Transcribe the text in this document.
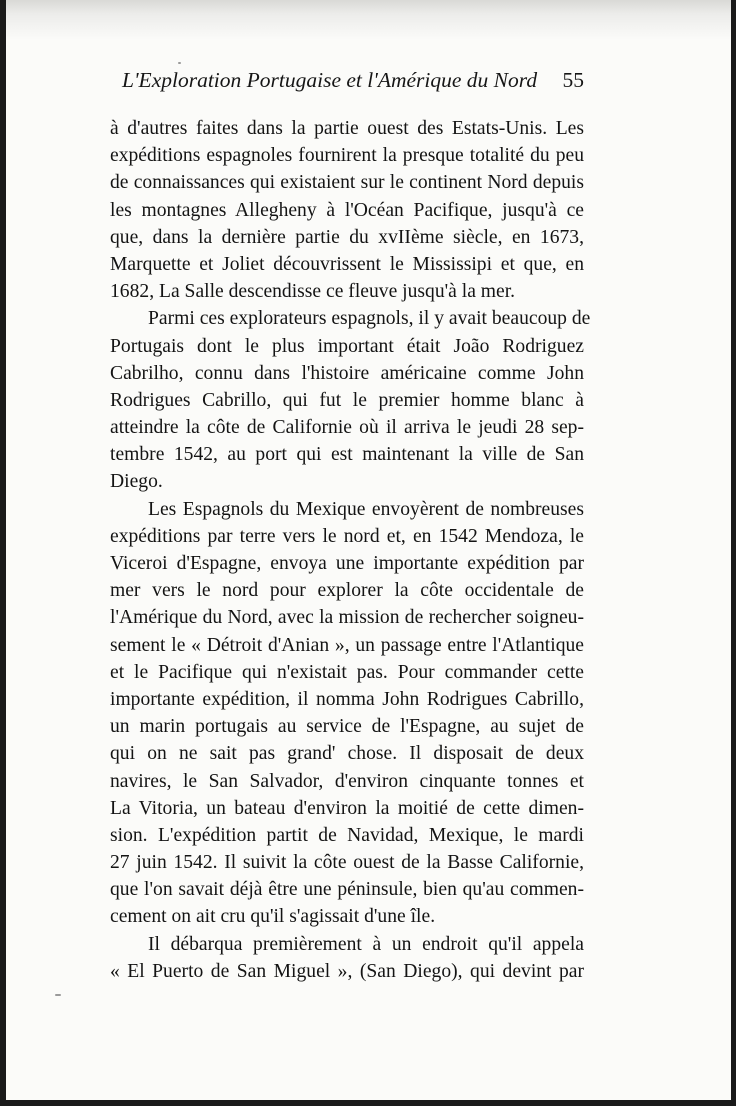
L'Exploration Portugaise et l'Amérique du Nord 55
à d'autres faites dans la partie ouest des Estats-Unis. Les
expéditions espagnoles fournirent la presque totalité du peu
de connaissances qui existaient sur le continent Nord depuis
les montagnes Allegheny à l'Océan Pacifique, jusqu'à ce
que, dans la dernière partie du xvIIème siècle, en 1673,
Marquette et Joliet découvrissent le Mississipi et que, en
1682, La Salle descendisse ce fleuve jusqu'à la mer.
Parmi ces explorateurs espagnols, il y avait beaucoup de
Portugais dont le plus important était João Rodriguez
Cabrilho, connu dans l'histoire américaine comme John
Rodrigues Cabrillo, qui fut le premier homme blanc à
atteindre la côte de Californie où il arriva le jeudi 28 sep-
tembre 1542, au port qui est maintenant la ville de San
Diego.
Les Espagnols du Mexique envoyèrent de nombreuses
expéditions par terre vers le nord et, en 1542 Mendoza, le
Viceroi d'Espagne, envoya une importante expédition par
mer vers le nord pour explorer la côte occidentale de
l'Amérique du Nord, avec la mission de rechercher soigneu-
sement le « Détroit d'Anian », un passage entre l'Atlantique
et le Pacifique qui n'existait pas. Pour commander cette
importante expédition, il nomma John Rodrigues Cabrillo,
un marin portugais au service de l'Espagne, au sujet de
qui on ne sait pas grand' chose. Il disposait de deux
navires, le San Salvador, d'environ cinquante tonnes et
La Vitoria, un bateau d'environ la moitié de cette dimen-
sion. L'expédition partit de Navidad, Mexique, le mardi
27 juin 1542. Il suivit la côte ouest de la Basse Californie,
que l'on savait déjà être une péninsule, bien qu'au commen-
cement on ait cru qu'il s'agissait d'une île.
Il débarqua premièrement à un endroit qu'il appela
« El Puerto de San Miguel », (San Diego), qui devint par
